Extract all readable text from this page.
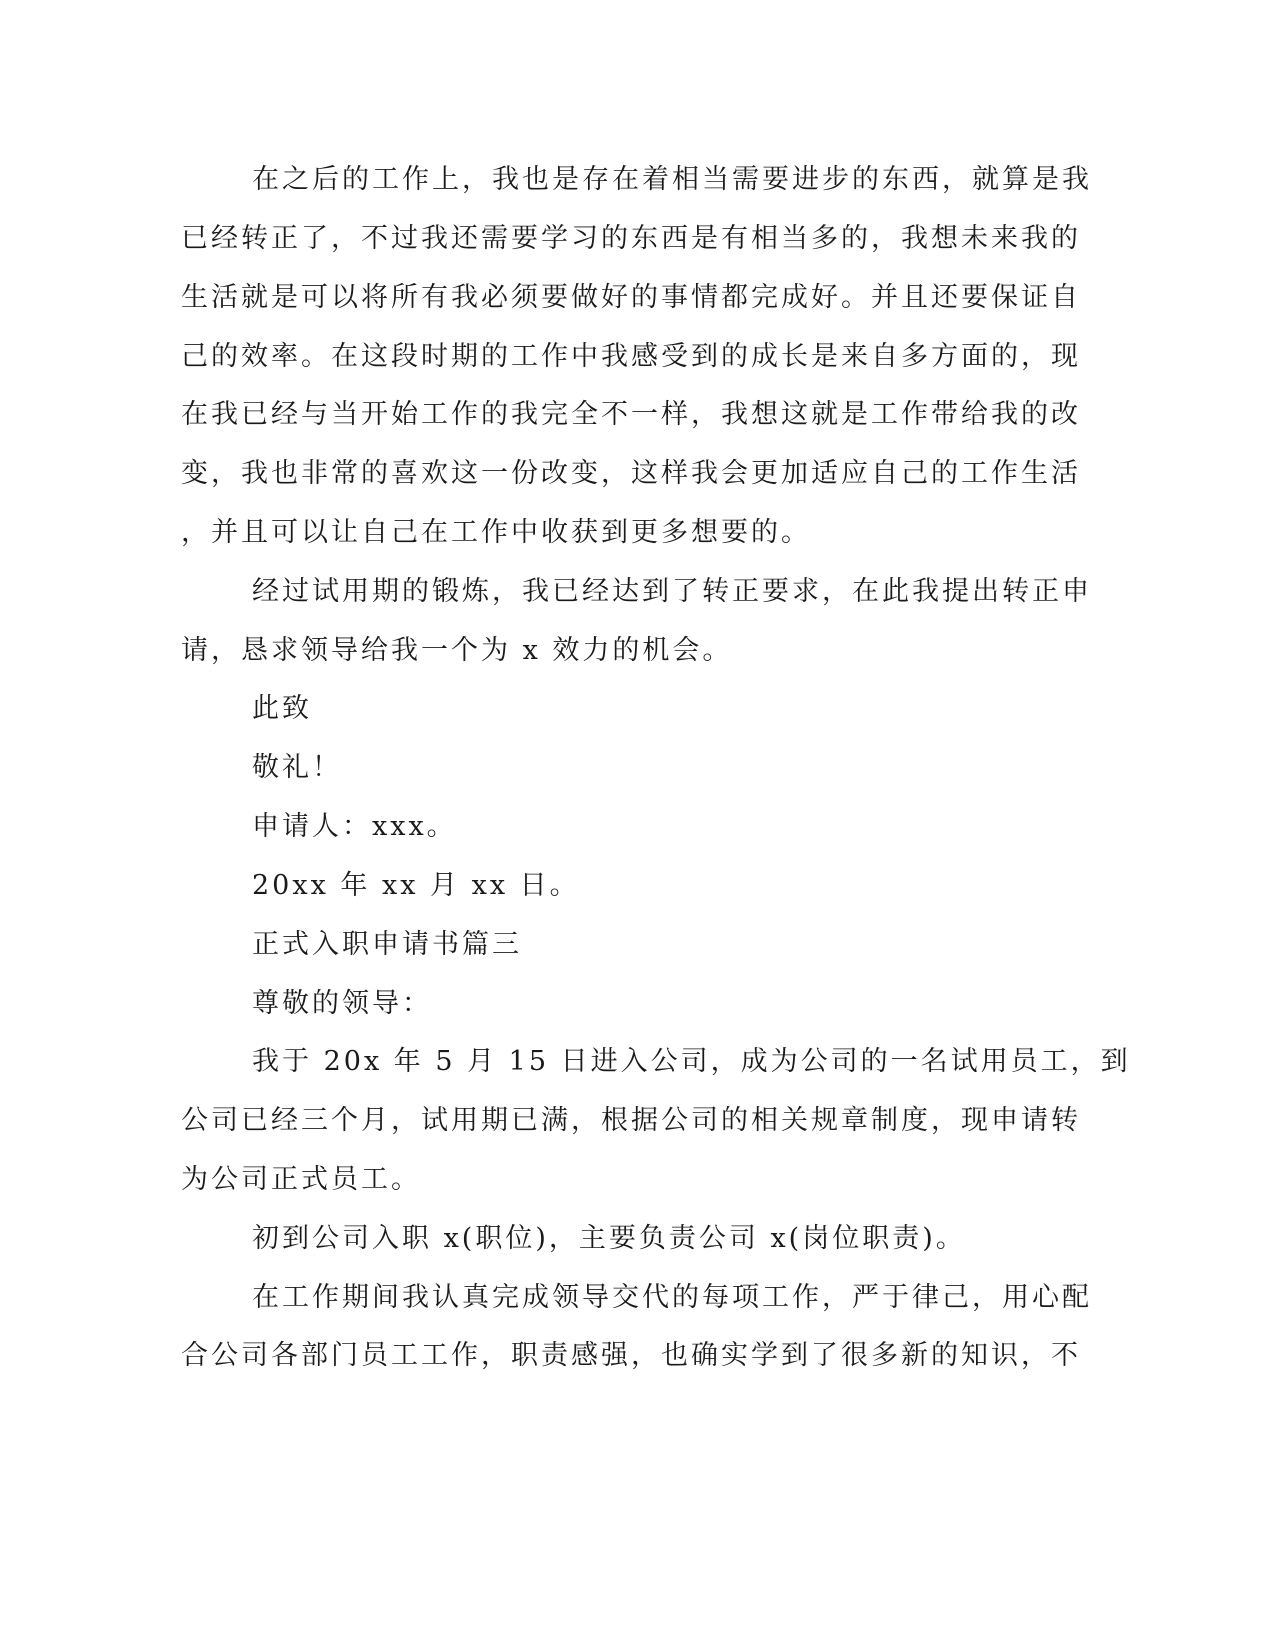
在之后的工作上，我也是存在着相当需要进步的东西，就算是我
已经转正了，不过我还需要学习的东西是有相当多的，我想未来我的
生活就是可以将所有我必须要做好的事情都完成好。并且还要保证自
己的效率。在这段时期的工作中我感受到的成长是来自多方面的，现
在我已经与当开始工作的我完全不一样，我想这就是工作带给我的改
变，我也非常的喜欢这一份改变，这样我会更加适应自己的工作生活
，并且可以让自己在工作中收获到更多想要的。
经过试用期的锻炼，我已经达到了转正要求，在此我提出转正申
请，恳求领导给我一个为 x 效力的机会。
此致
敬礼！
申请人：xxx。
20xx 年 xx 月 xx 日。
正式入职申请书篇三
尊敬的领导：
我于 20x 年 5 月 15 日进入公司，成为公司的一名试用员工，到
公司已经三个月，试用期已满，根据公司的相关规章制度，现申请转
为公司正式员工。
初到公司入职 x(职位)，主要负责公司 x(岗位职责)。
在工作期间我认真完成领导交代的每项工作，严于律己，用心配
合公司各部门员工工作，职责感强，也确实学到了很多新的知识，不
